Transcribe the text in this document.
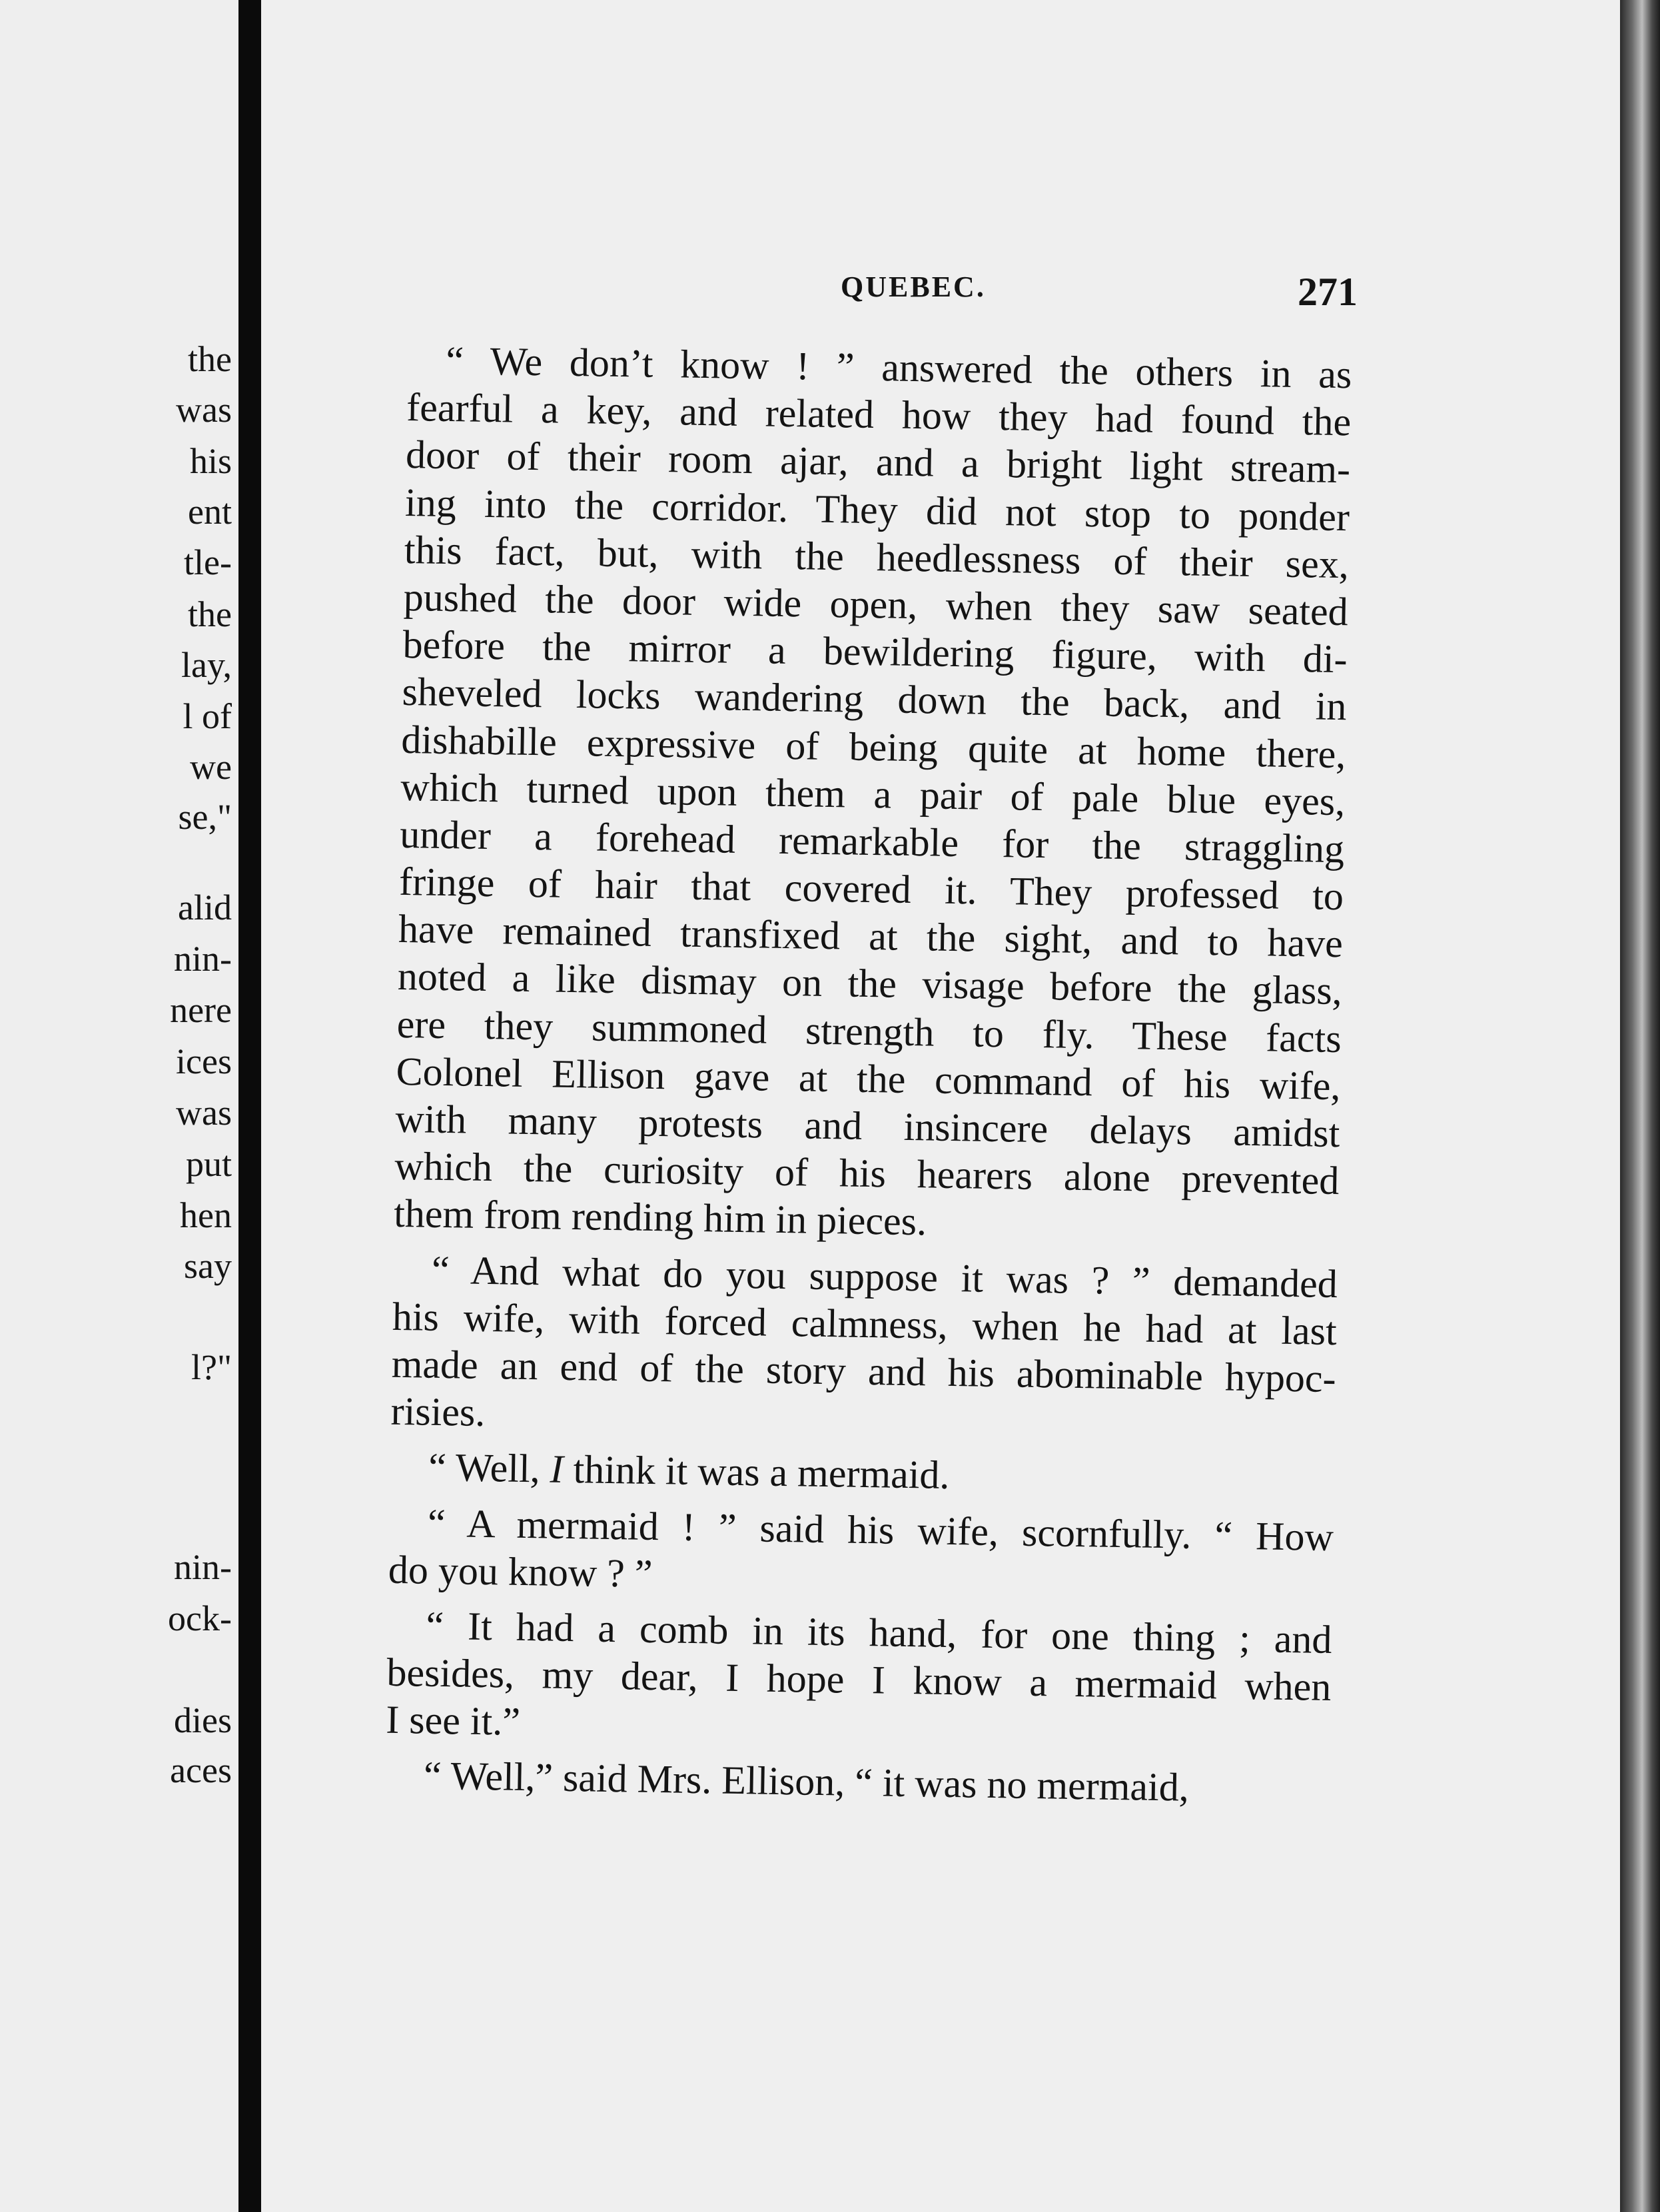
the
was
his
ent
tle-
the
lay,
l of
we
se,"
alid
nin-
nere
ices
was
put
hen
say
l?"
nin-
ock-
dies
aces
QUEBEC.	271
“ We don’t know ! ” answered the others in as
fearful a key, and related how they had found the
door of their room ajar, and a bright light stream-
ing into the corridor. They did not stop to ponder
this fact, but, with the heedlessness of their sex,
pushed the door wide open, when they saw seated
before the mirror a bewildering figure, with di-
sheveled locks wandering down the back, and in
dishabille expressive of being quite at home there,
which turned upon them a pair of pale blue eyes,
under a forehead remarkable for the straggling
fringe of hair that covered it. They professed to
have remained transfixed at the sight, and to have
noted a like dismay on the visage before the glass,
ere they summoned strength to fly. These facts
Colonel Ellison gave at the command of his wife,
with many protests and insincere delays amidst
which the curiosity of his hearers alone prevented
them from rending him in pieces.
“ And what do you suppose it was ? ” demanded
his wife, with forced calmness, when he had at last
made an end of the story and his abominable hypoc-
risies.
“ Well, I think it was a mermaid.
“ A mermaid ! ” said his wife, scornfully. “ How
do you know ? ”
“ It had a comb in its hand, for one thing ; and
besides, my dear, I hope I know a mermaid when
I see it.”
“ Well,” said Mrs. Ellison, “ it was no mermaid,
